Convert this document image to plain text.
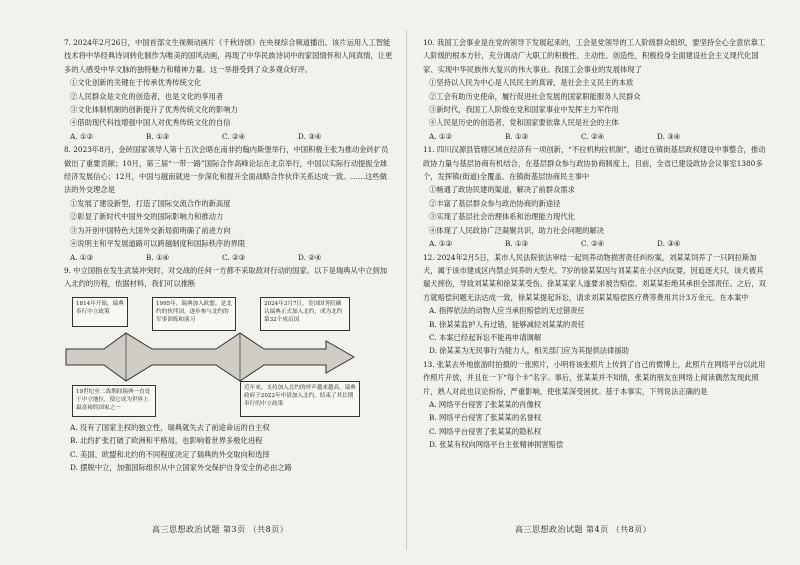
7. 2024年2月26日，中国首部文生视频动画片《千秋诗颂》在央视综合频道播出。该片运用人工智能技术将中华经典诗词转化制作为唯美的国风动画，再现了中华民族诗词中的家国情怀和人间真情，让更多的人感受中华文脉的独特魅力和精神力量。这一举措受到了众多观众好评。

①文化创新的关键在于传承优秀传统文化

②人民群众是文化的创造者，也是文化的享用者

③文化体制机制的创新提升了优秀传统文化的影响力

④借助现代科技增强中国人对优秀传统文化的自信

A. ①②	B. ①③	C. ②④	D. ③④

8. 2023年8月，金砖国家领导人第十五次会晤在南非约翰内斯堡举行，中国积极主张为推动金砖扩员做出了重要贡献；10月，第三届“一带一路”国际合作高峰论坛在北京举行，中国以实际行动提振全球经济发展信心；12月，中国与越南就进一步深化和提升全面战略合作伙伴关系达成一致。……这些做法的外交理念是

①发展了建设新型，打造了国际交流合作的新高度

②彰显了新时代中国外交的国际影响力和推动力

③为开创中国特色大国外交新局面明确了前进方向

④说明主和平发展道路可以跨越制度和国际秩序的界限

A. ①③	B. ①④	C. ②③	D. ②④

9. 中立国指在发生武装冲突时，对交战的任何一方都不采取敌对行动的国家。以下是瑞典从中立到加入北约的历程，依据材料，我们可以推断

1814年开始，瑞典奉行中立政策
1995年，瑞典加入欧盟，是北约的伙伴国，逐步参与北约的军事训练和演习
2024年3月7日，美国国务院确认瑞典正式加入北约，成为北约第32个成员国
19世纪至二战期间瑞典一直处于中立地位，使它成为世界上最富裕的国家之一
近年来，支持加入北约的呼声越来越高，瑞典政府于2022年申请加入北约，结束了其长期奉行的中立政策

A. 没有了国家主权的独立性，瑞典就失去了前途命运的自主权

B. 北约扩张打破了欧洲和平格局，也影响着世界多极化进程

C. 美国、欧盟和北约的不同程度决定了瑞典的外交取向和选择

D. 摆脱中立，加强国际组织从中立国家外交保护自身安全的必由之路

10. 我国工会事业是在党的领导下发展起来的，工会是党领导的工人阶级群众组织，要坚持全心全意依靠工人阶级的根本方针，充分调动广大职工的积极性、主动性、创造性，积极投身全面建设社会主义现代化国家、实现中华民族伟大复兴的伟大事业。我国工会事业的发展体现了

①坚持以人民为中心是人民民主的真谛，是社会主义民主的本质

②工会有助历史使命，履行促进社会发展的国家职能服务人民群众

③新时代，我国工人阶级在党和国家事业中发挥主力军作用

④人民是历史的创造者，党和国家要依靠人民是社会的主体

A. ①②	B. ①③	C. ②④	D. ③④

11. 四川汉源县管辖区域在经济有一项创新，“不拉机构拉机制”，通过在镇街基层政权建设中事整合，推动政协力量与基层协商有机结合，在基层群众参与政协协商制度上，目前，全省已建设政协会议事室1380多个，发挥镇(街道)全覆盖。在镇街基层协商民主事中

①畅通了政协民建的渠道，解决了前群众需求

②丰富了基层群众参与政治协商的新途径

③实现了基层社会治理体系和治理能力现代化

④体现了人民政协广泛凝聚共识，助力社会问题的解决

A. ①②	B. ①③	C. ②④	D. ③④

12. 2024年2月5日，某市人民法院依法审结一起饲养动物损害责任纠纷案，刘某某饲养了一只阿拉斯加犬，属于该市建成区内禁止饲养的大型犬。7岁的徐某某因与刘某某在小区内玩耍，因追逐犬只，该犬被其遛犬摔伤，导致刘某某和徐某某受伤。徐某某家人遂要求被告赔偿。刘某某拒绝其承担全部责任。之后，双方就赔偿问题无法达成一致，徐某某提起诉讼，请求刘某某赔偿医疗费等费用共计3万余元。在本案中

A. 指挥依法的动物人应当承担赔偿的无过错责任

B. 徐某某监护人有过错，能够减轻刘某某的责任

C. 本案已经起诉讼不能再申请调解

D. 徐某某为无民事行为能力人，相关部门应为其提供法律援助

13. 张某去外地旅游时拍摄的一张照片，小明将该张照片上传到了自己的微博上，此照片在网络平台以此用作照片开放，并且在一下“每个卡”名字。事后，张某某并不知情，张某的朋友在网络上阅读偶然发现此照片，熟人对此也议论纷纷，严重影响，使张某深受困扰。基于本事实，下列说法正确的是

A. 网络平台侵害了张某某的肖像权

B. 网络平台侵害了张某某的名誉权

C. 网络平台侵害了张某某的隐私权

D. 张某有权向网络平台主张精神损害赔偿

高三思想政治试题 第3页 （共8页）	高三思想政治试题 第4页 （共8页）
